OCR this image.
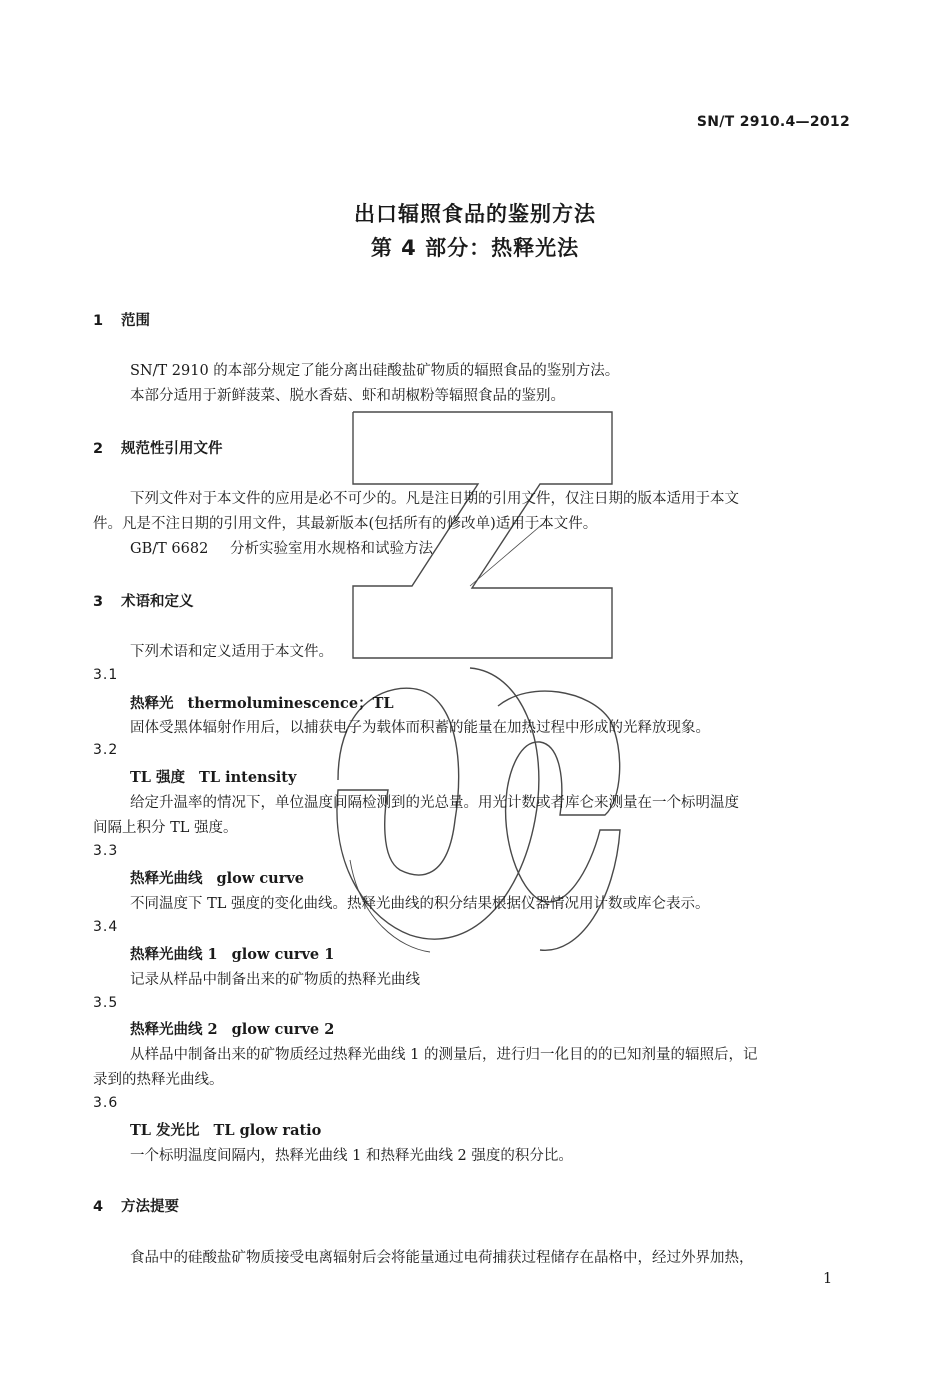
SN/T 2910.4—2012
出口辐照食品的鉴别方法
第 4 部分：热释光法
1 范围
SN/T 2910 的本部分规定了能分离出硅酸盐矿物质的辐照食品的鉴别方法。
本部分适用于新鲜菠菜、脱水香菇、虾和胡椒粉等辐照食品的鉴别。
2 规范性引用文件
下列文件对于本文件的应用是必不可少的。凡是注日期的引用文件，仅注日期的版本适用于本文
件。凡是不注日期的引用文件，其最新版本(包括所有的修改单)适用于本文件。
GB/T 6682 分析实验室用水规格和试验方法
3 术语和定义
下列术语和定义适用于本文件。
3.1
热释光 thermoluminescence；TL
固体受黑体辐射作用后，以捕获电子为载体而积蓄的能量在加热过程中形成的光释放现象。
3.2
TL 强度 TL intensity
给定升温率的情况下，单位温度间隔检测到的光总量。用光计数或者库仑来测量在一个标明温度
间隔上积分 TL 强度。
3.3
热释光曲线 glow curve
不同温度下 TL 强度的变化曲线。热释光曲线的积分结果根据仪器情况用计数或库仑表示。
3.4
热释光曲线 1 glow curve 1
记录从样品中制备出来的矿物质的热释光曲线
3.5
热释光曲线 2 glow curve 2
从样品中制备出来的矿物质经过热释光曲线 1 的测量后，进行归一化目的的已知剂量的辐照后，记
录到的热释光曲线。
3.6
TL 发光比 TL glow ratio
一个标明温度间隔内，热释光曲线 1 和热释光曲线 2 强度的积分比。
4 方法提要
食品中的硅酸盐矿物质接受电离辐射后会将能量通过电荷捕获过程储存在晶格中，经过外界加热，
1
